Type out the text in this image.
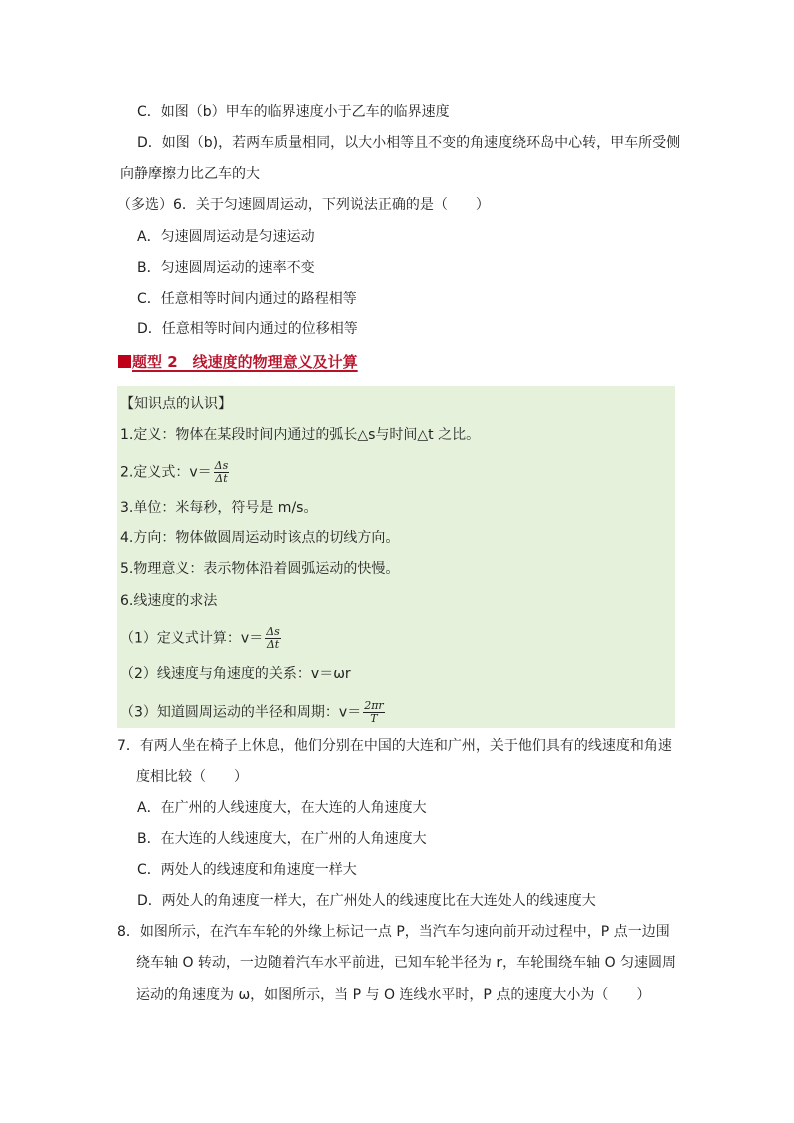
C．如图（b）甲车的临界速度小于乙车的临界速度
D．如图（b)，若两车质量相同，以大小相等且不变的角速度绕环岛中心转，甲车所受侧
向静摩擦力比乙车的大
（多选）6．关于匀速圆周运动，下列说法正确的是（　　）
A．匀速圆周运动是匀速运动
B．匀速圆周运动的速率不变
C．任意相等时间内通过的路程相等
D．任意相等时间内通过的位移相等
题型 2　线速度的物理意义及计算
【知识点的认识】
1.定义：物体在某段时间内通过的弧长△s与时间△t 之比。
2.定义式：$v= \frac{\Delta s}{\Delta t}$
3.单位：米每秒，符号是 m/s。
4.方向：物体做圆周运动时该点的切线方向。
5.物理意义：表示物体沿着圆弧运动的快慢。
6.线速度的求法
（1）定义式计算：$v= \frac{\Delta s}{\Delta t}$
（2）线速度与角速度的关系：v＝ωr
（3）知道圆周运动的半径和周期：$v= \frac{2\pi r}{T}$
7．有两人坐在椅子上休息，他们分别在中国的大连和广州，关于他们具有的线速度和角速
度相比较（　　）
A．在广州的人线速度大，在大连的人角速度大
B．在大连的人线速度大，在广州的人角速度大
C．两处人的线速度和角速度一样大
D．两处人的角速度一样大，在广州处人的线速度比在大连处人的线速度大
8．如图所示，在汽车车轮的外缘上标记一点 P，当汽车匀速向前开动过程中，P 点一边围
绕车轴 O 转动，一边随着汽车水平前进，已知车轮半径为 r，车轮围绕车轴 O 匀速圆周
运动的角速度为 ω，如图所示，当 P 与 O 连线水平时，P 点的速度大小为（　　）
